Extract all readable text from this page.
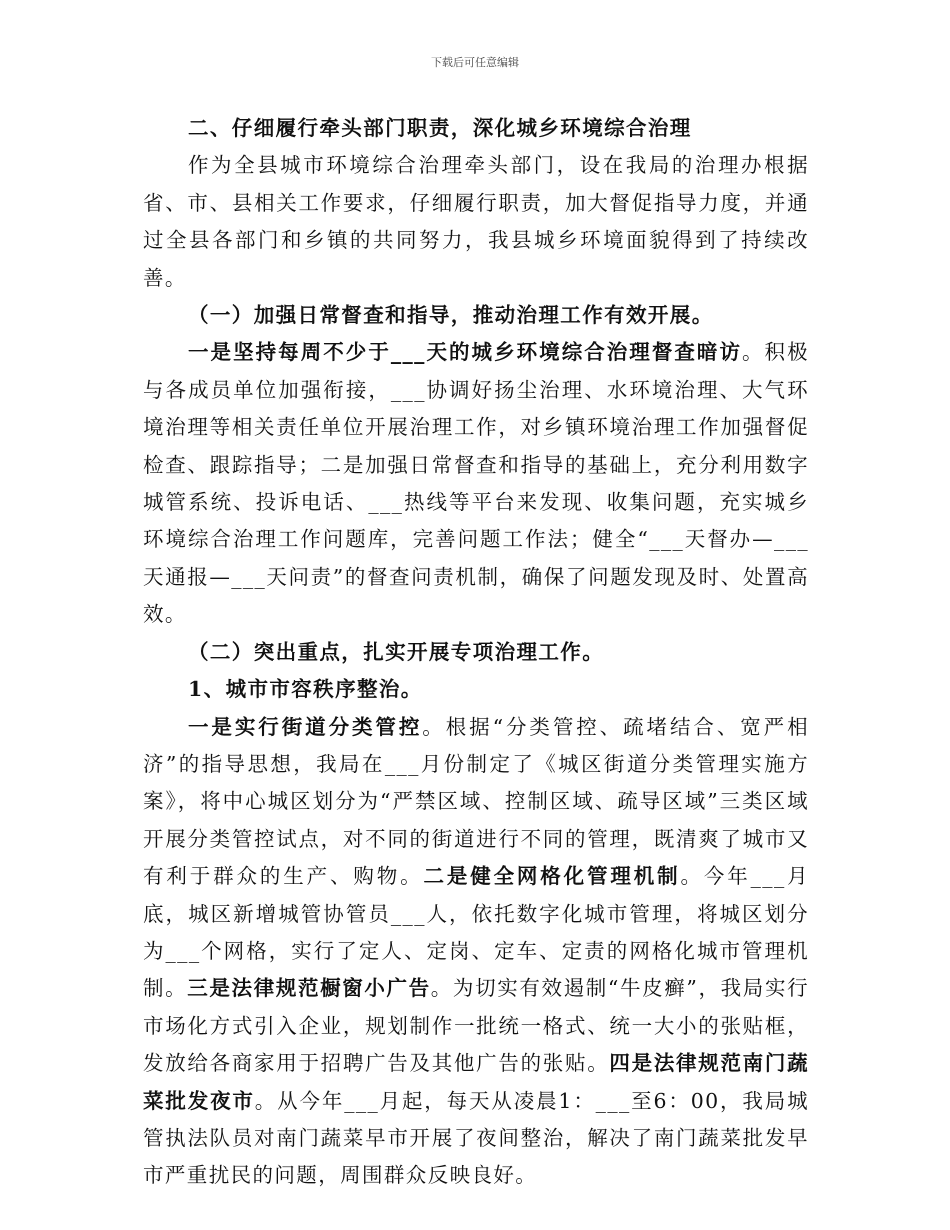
下载后可任意编辑

二、仔细履行牵头部门职责，深化城乡环境综合治理

作为全县城市环境综合治理牵头部门，设在我局的治理办根据省、市、县相关工作要求，仔细履行职责，加大督促指导力度，并通过全县各部门和乡镇的共同努力，我县城乡环境面貌得到了持续改善。

（一）加强日常督查和指导，推动治理工作有效开展。

一是坚持每周不少于___天的城乡环境综合治理督查暗访。积极与各成员单位加强衔接，___协调好扬尘治理、水环境治理、大气环境治理等相关责任单位开展治理工作，对乡镇环境治理工作加强督促检查、跟踪指导；二是加强日常督查和指导的基础上，充分利用数字城管系统、投诉电话、___热线等平台来发现、收集问题，充实城乡环境综合治理工作问题库，完善问题工作法；健全“___天督办—___天通报—___天问责”的督查问责机制，确保了问题发现及时、处置高效。

（二）突出重点，扎实开展专项治理工作。

1、城市市容秩序整治。

一是实行街道分类管控。根据“分类管控、疏堵结合、宽严相济”的指导思想，我局在___月份制定了《城区街道分类管理实施方案》，将中心城区划分为“严禁区域、控制区域、疏导区域”三类区域开展分类管控试点，对不同的街道进行不同的管理，既清爽了城市又有利于群众的生产、购物。二是健全网格化管理机制。今年___月底，城区新增城管协管员___人，依托数字化城市管理，将城区划分为___个网格，实行了定人、定岗、定车、定责的网格化城市管理机制。三是法律规范橱窗小广告。为切实有效遏制“牛皮癣”，我局实行市场化方式引入企业，规划制作一批统一格式、统一大小的张贴框，发放给各商家用于招聘广告及其他广告的张贴。四是法律规范南门蔬菜批发夜市。从今年___月起，每天从凌晨1：___至6：00，我局城管执法队员对南门蔬菜早市开展了夜间整治，解决了南门蔬菜批发早市严重扰民的问题，周围群众反映良好。
